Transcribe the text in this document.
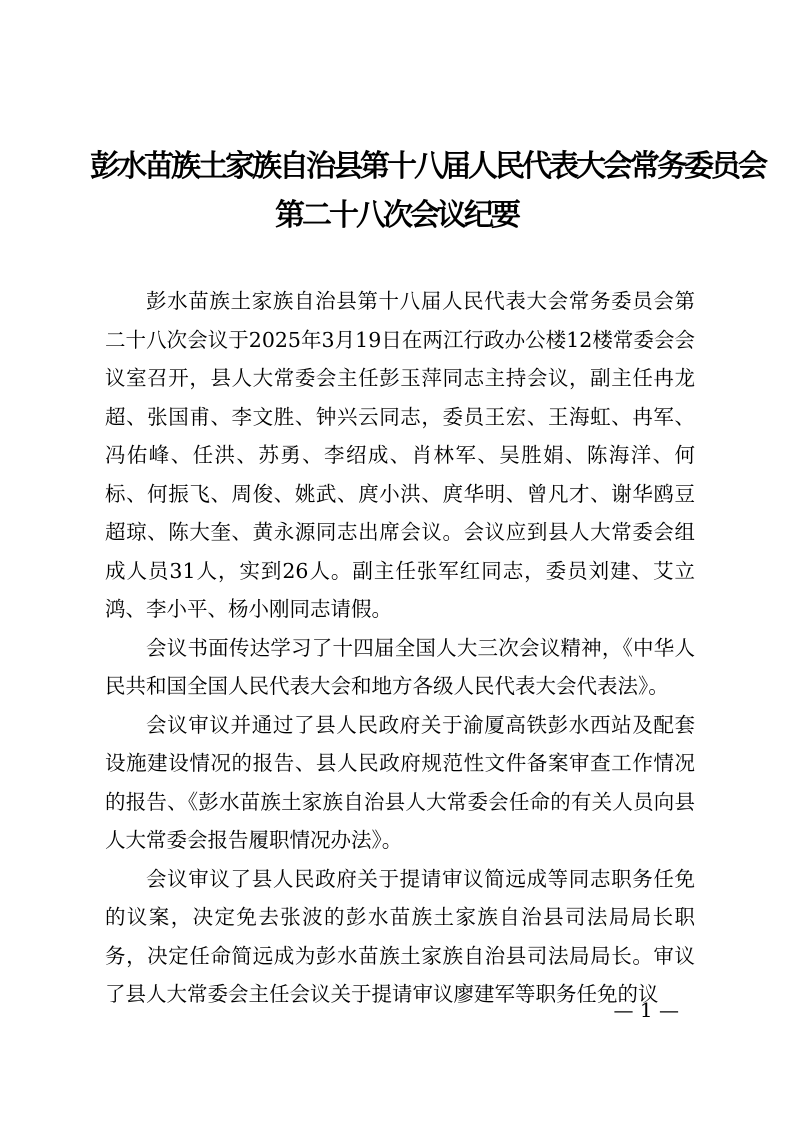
彭水苗族土家族自治县第十八届人民代表大会常务委员会
第二十八次会议纪要

彭水苗族土家族自治县第十八届人民代表大会常务委员会第二十八次会议于2025年3月19日在两江行政办公楼12楼常委会会议室召开，县人大常委会主任彭玉萍同志主持会议，副主任冉龙超、张国甫、李文胜、钟兴云同志，委员王宏、王海虹、冉军、冯佑峰、任洪、苏勇、李绍成、肖林军、吴胜娟、陈海洋、何标、何振飞、周俊、姚武、庹小洪、庹华明、曾凡才、谢华鸥豆超琼、陈大奎、黄永源同志出席会议。会议应到县人大常委会组成人员31人，实到26人。副主任张军红同志，委员刘建、艾立鸿、李小平、杨小刚同志请假。

会议书面传达学习了十四届全国人大三次会议精神，《中华人民共和国全国人民代表大会和地方各级人民代表大会代表法》。

会议审议并通过了县人民政府关于渝厦高铁彭水西站及配套设施建设情况的报告、县人民政府规范性文件备案审查工作情况的报告、《彭水苗族土家族自治县人大常委会任命的有关人员向县人大常委会报告履职情况办法》。

会议审议了县人民政府关于提请审议简远成等同志职务任免的议案，决定免去张波的彭水苗族土家族自治县司法局局长职务，决定任命简远成为彭水苗族土家族自治县司法局局长。审议了县人大常委会主任会议关于提请审议廖建军等职务任免的议

— 1 —
